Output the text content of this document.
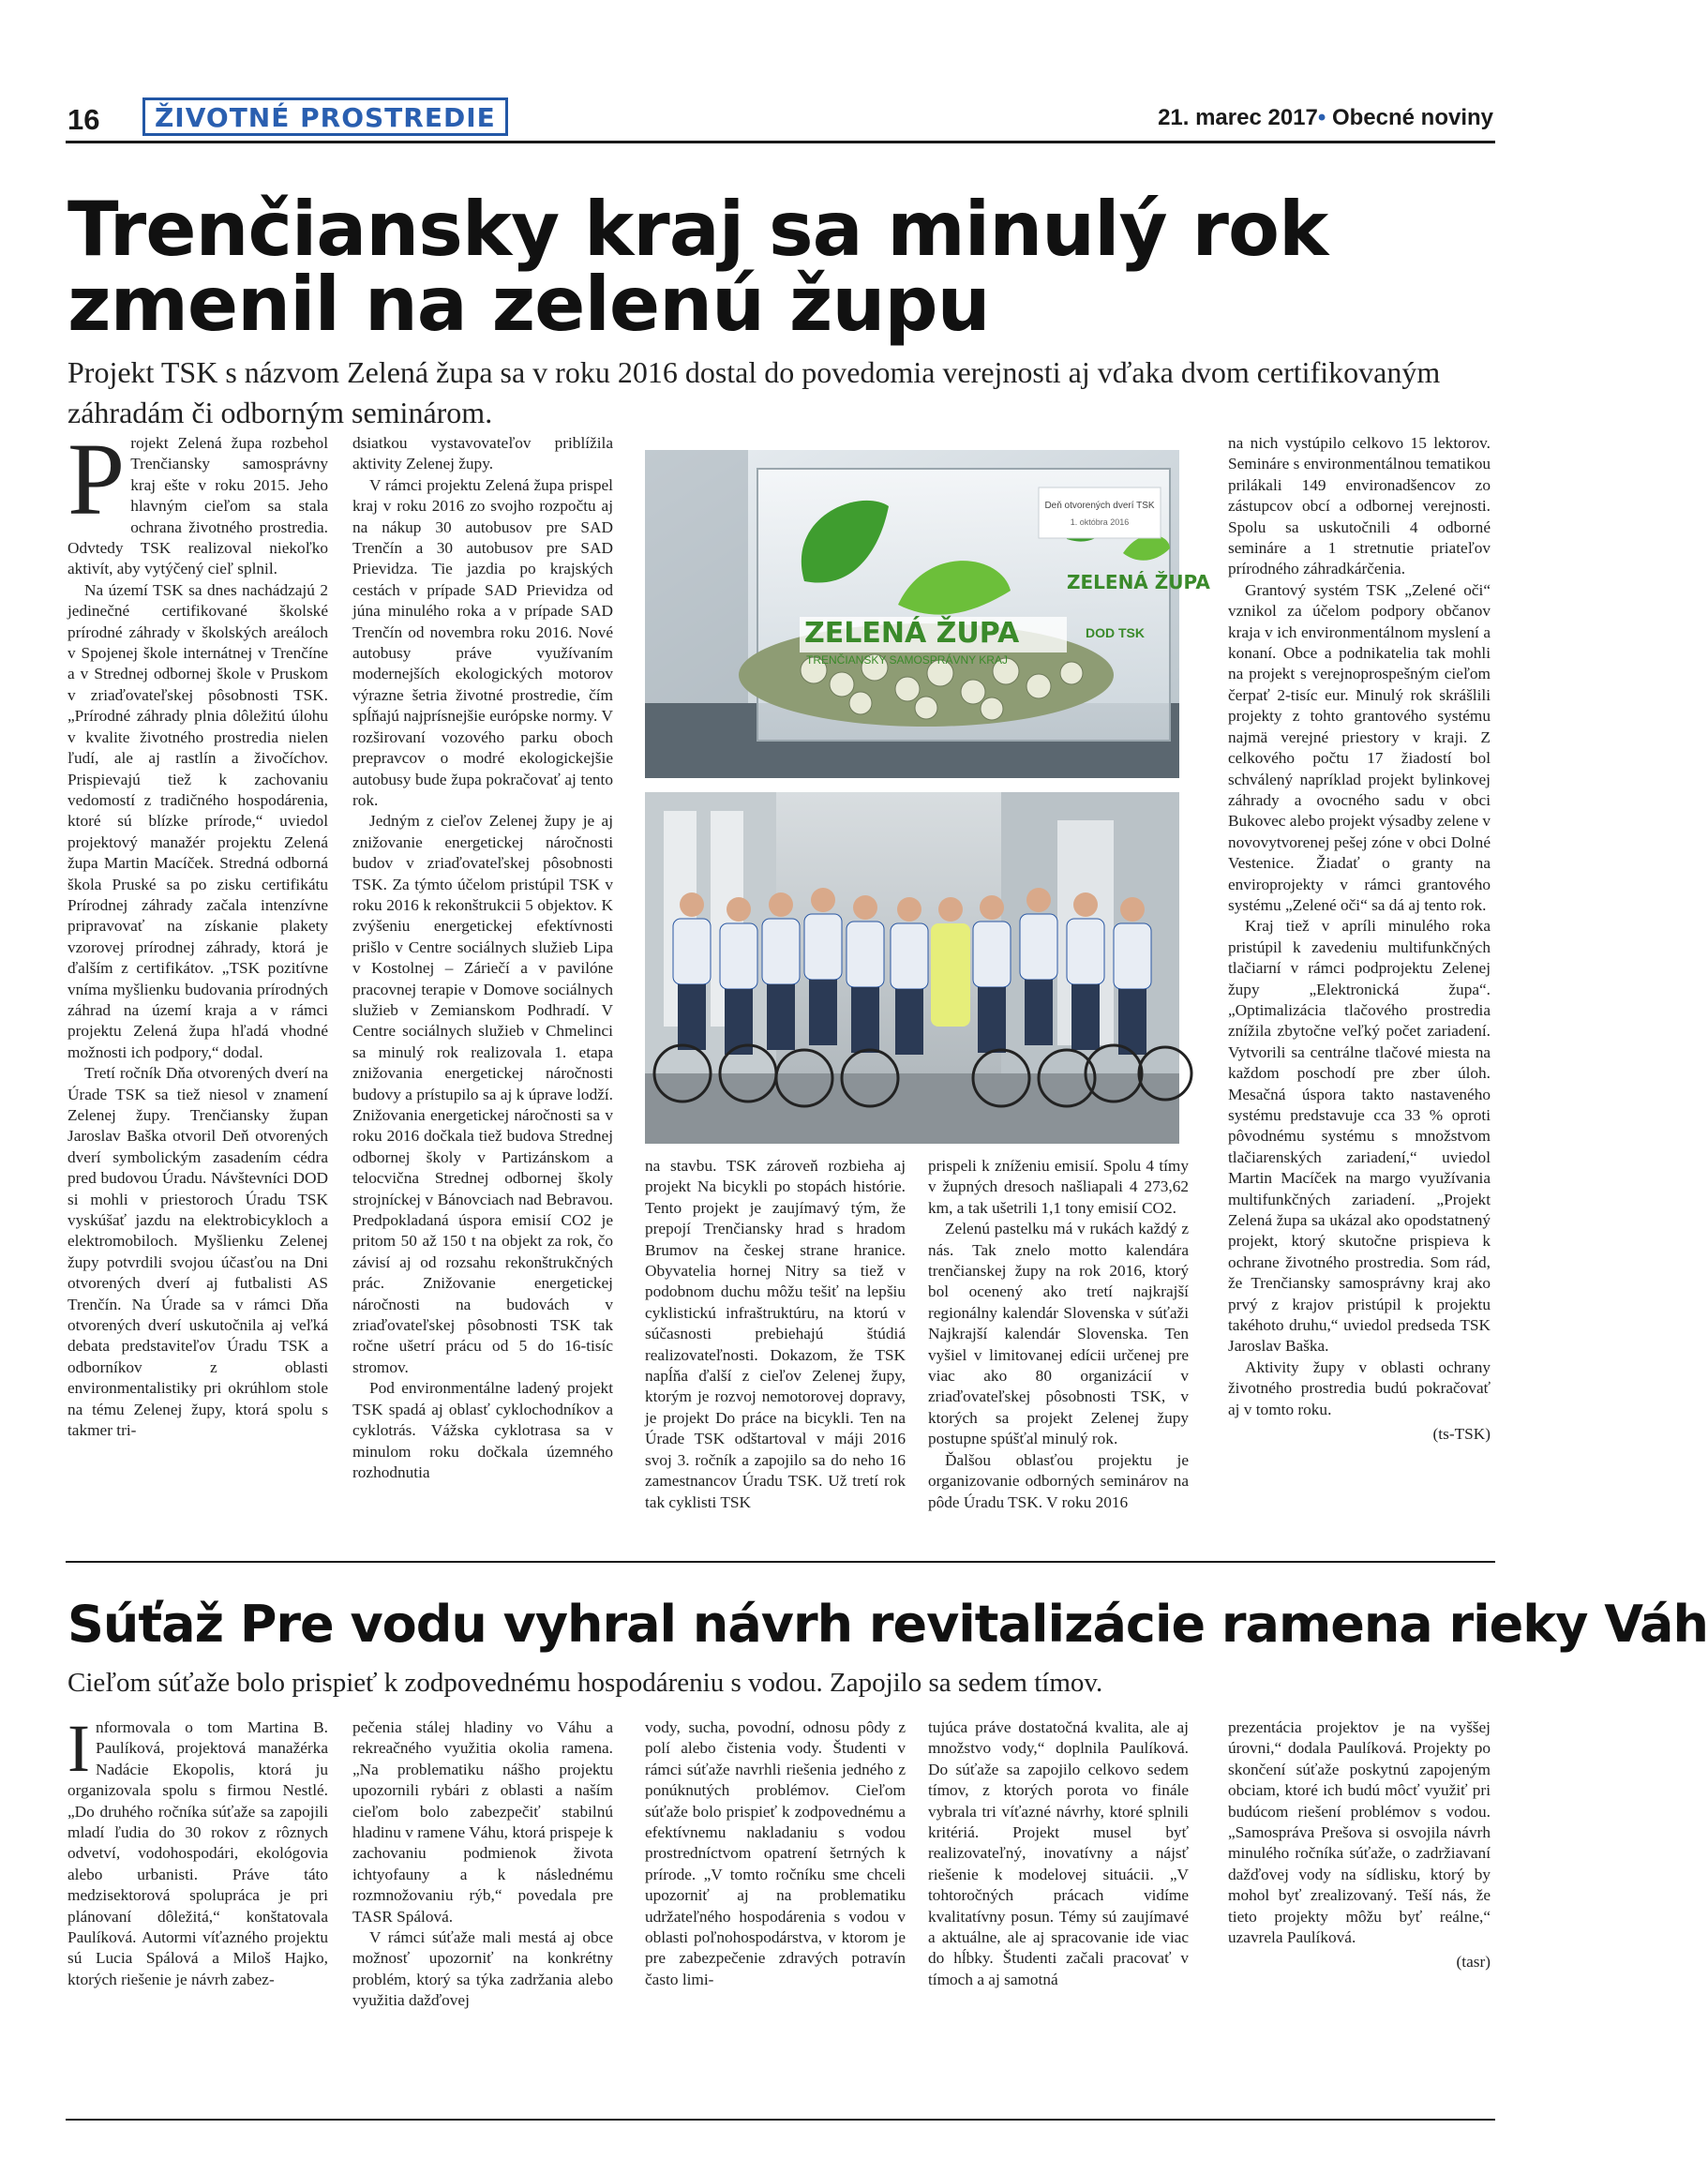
16	ŽIVOTNÉ PROSTREDIE	21. marec 2017• Obecné noviny
Trenčiansky kraj sa minulý rok zmenil na zelenú župu

Projekt TSK s názvom Zelená župa sa v roku 2016 dostal do povedomia verejnosti aj vďaka dvom certifikovaným záhradám či odborným seminárom.

Projekt Zelená župa rozbehol Trenčiansky samosprávny kraj ešte v roku 2015. Jeho hlavným cieľom sa stala ochrana životného prostredia. Odvtedy TSK realizoval niekoľko aktivít, aby vytýčený cieľ splnil.

Na území TSK sa dnes nachádzajú 2 jedinečné certifikované školské prírodné záhrady v školských areáloch v Spojenej škole internátnej v Trenčíne a v Strednej odbornej škole v Pruskom v zriaďovateľskej pôsobnosti TSK. „Prírodné záhrady plnia dôležitú úlohu v kvalite životného prostredia nielen ľudí, ale aj rastlín a živočíchov. Prispievajú tiež k zachovaniu vedomostí z tradičného hospodárenia, ktoré sú blízke prírode,“ uviedol projektový manažér projektu Zelená župa Martin Macíček. Stredná odborná škola Pruské sa po zisku certifikátu Prírodnej záhrady začala intenzívne pripravovať na získanie plakety vzorovej prírodnej záhrady, ktorá je ďalším z certifikátov. „TSK pozitívne vníma myšlienku budovania prírodných záhrad na území kraja a v rámci projektu Zelená župa hľadá vhodné možnosti ich podpory,“ dodal.

Tretí ročník Dňa otvorených dverí na Úrade TSK sa tiež niesol v znamení Zelenej župy. Trenčiansky župan Jaroslav Baška otvoril Deň otvorených dverí symbolickým zasadením cédra pred budovou Úradu. Návštevníci DOD si mohli v priestoroch Úradu TSK vyskúšať jazdu na elektrobicykloch a elektromobiloch. Myšlienku Zelenej župy potvrdili svojou účasťou na Dni otvorených dverí aj futbalisti AS Trenčín. Na Úrade sa v rámci Dňa otvorených dverí uskutočnila aj veľká debata predstaviteľov Úradu TSK a odborníkov z oblasti environmentalistiky pri okrúhlom stole na tému Zelenej župy, ktorá spolu s takmer tri-

dsiatkou vystavovateľov priblížila aktivity Zelenej župy.

V rámci projektu Zelená župa prispel kraj v roku 2016 zo svojho rozpočtu aj na nákup 30 autobusov pre SAD Trenčín a 30 autobusov pre SAD Prievidza. Tie jazdia po krajských cestách v prípade SAD Prievidza od júna minulého roka a v prípade SAD Trenčín od novembra roku 2016. Nové autobusy práve využívaním modernejších ekologických motorov výrazne šetria životné prostredie, čím spĺňajú najprísnejšie európske normy. V rozširovaní vozového parku oboch prepravcov o modré ekologickejšie autobusy bude župa pokračovať aj tento rok.

Jedným z cieľov Zelenej župy je aj znižovanie energetickej náročnosti budov v zriaďovateľskej pôsobnosti TSK. Za týmto účelom pristúpil TSK v roku 2016 k rekonštrukcii 5 objektov. K zvýšeniu energetickej efektívnosti prišlo v Centre sociálnych služieb Lipa v Kostolnej – Záriečí a v pavilóne pracovnej terapie v Domove sociálnych služieb v Zemianskom Podhradí. V Centre sociálnych služieb v Chmelinci sa minulý rok realizovala 1. etapa znižovania energetickej náročnosti budovy a prístupilo sa aj k úprave lodží. Znižovania energetickej náročnosti sa v roku 2016 dočkala tiež budova Strednej odbornej školy v Partizánskom a telocvična Strednej odbornej školy strojníckej v Bánovciach nad Bebravou. Predpokladaná úspora emisií CO2 je pritom 50 až 150 t na objekt za rok, čo závisí aj od rozsahu rekonštrukčných prác. Znižovanie energetickej náročnosti na budovách v zriaďovateľskej pôsobnosti TSK tak ročne ušetrí prácu od 5 do 16-tisíc stromov.

Pod environmentálne ladený projekt TSK spadá aj oblasť cyklochodníkov a cyklotrás. Vážska cyklotrasa sa v minulom roku dočkala územného rozhodnutia

Deň otvorených dverí TSK
1. októbra 2016
ZELENÁ ŽUPA
ZELENÁ ŽUPA
TRENČIANSKY SAMOSPRÁVNY KRAJ
DOD TSK

na stavbu. TSK zároveň rozbieha aj projekt Na bicykli po stopách histórie. Tento projekt je zaujímavý tým, že prepojí Trenčiansky hrad s hradom Brumov na českej strane hranice. Obyvatelia hornej Nitry sa tiež v podobnom duchu môžu tešiť na lepšiu cyklistickú infraštruktúru, na ktorú v súčasnosti prebiehajú štúdiá realizovateľnosti. Dokazom, že TSK napĺňa ďalší z cieľov Zelenej župy, ktorým je rozvoj nemotorovej dopravy, je projekt Do práce na bicykli. Ten na Úrade TSK odštartoval v máji 2016 svoj 3. ročník a zapojilo sa do neho 16 zamestnancov Úradu TSK. Už tretí rok tak cyklisti TSK

prispeli k zníženiu emisií. Spolu 4 tímy v župných dresoch našliapali 4 273,62 km, a tak ušetrili 1,1 tony emisií CO2.

Zelenú pastelku má v rukách každý z nás. Tak znelo motto kalendára trenčianskej župy na rok 2016, ktorý bol ocenený ako tretí najkrajší regionálny kalendár Slovenska v súťaži Najkrajší kalendár Slovenska. Ten vyšiel v limitovanej edícii určenej pre viac ako 80 organizácií v zriaďovateľskej pôsobnosti TSK, v ktorých sa projekt Zelenej župy postupne spúšťal minulý rok.

Ďalšou oblasťou projektu je organizovanie odborných seminárov na pôde Úradu TSK. V roku 2016

na nich vystúpilo celkovo 15 lektorov. Semináre s environmentálnou tematikou prilákali 149 environadšencov zo zástupcov obcí a odbornej verejnosti. Spolu sa uskutočnili 4 odborné semináre a 1 stretnutie priateľov prírodného záhradkárčenia.

Grantový systém TSK „Zelené oči“ vznikol za účelom podpory občanov kraja v ich environmentálnom myslení a konaní. Obce a podnikatelia tak mohli na projekt s verejnoprospešným cieľom čerpať 2-tisíc eur. Minulý rok skrášlili projekty z tohto grantového systému najmä verejné priestory v kraji. Z celkového počtu 17 žiadostí bol schválený napríklad projekt bylinkovej záhrady a ovocného sadu v obci Bukovec alebo projekt výsadby zelene v novovytvorenej pešej zóne v obci Dolné Vestenice. Žiadať o granty na enviroprojekty v rámci grantového systému „Zelené oči“ sa dá aj tento rok.

Kraj tiež v apríli minulého roka pristúpil k zavedeniu multifunkčných tlačiarní v rámci podprojektu Zelenej župy „Elektronická župa“. „Optimalizácia tlačového prostredia znížila zbytočne veľký počet zariadení. Vytvorili sa centrálne tlačové miesta na každom poschodí pre zber úloh. Mesačná úspora takto nastaveného systému predstavuje cca 33 % oproti pôvodnému systému s množstvom tlačiarenských zariadení,“ uviedol Martin Macíček na margo využívania multifunkčných zariadení. „Projekt Zelená župa sa ukázal ako opodstatnený projekt, ktorý skutočne prispieva k ochrane životného prostredia. Som rád, že Trenčiansky samosprávny kraj ako prvý z krajov pristúpil k projektu takéhoto druhu,“ uviedol predseda TSK Jaroslav Baška.

Aktivity župy v oblasti ochrany životného prostredia budú pokračovať aj v tomto roku.

(ts-TSK)

Súťaž Pre vodu vyhral návrh revitalizácie ramena rieky Váh

Cieľom súťaže bolo prispieť k zodpovednému hospodáreniu s vodou. Zapojilo sa sedem tímov.

Informovala o tom Martina B. Paulíková, projektová manažérka Nadácie Ekopolis, ktorá ju organizovala spolu s firmou Nestlé. „Do druhého ročníka súťaže sa zapojili mladí ľudia do 30 rokov z rôznych odvetví, vodohospodári, ekológovia alebo urbanisti. Práve táto medzisektorová spolupráca je pri plánovaní dôležitá,“ konštatovala Paulíková. Autormi víťazného projektu sú Lucia Spálová a Miloš Hajko, ktorých riešenie je návrh zabez-

pečenia stálej hladiny vo Váhu a rekreačného využitia okolia ramena. „Na problematiku nášho projektu upozornili rybári z oblasti a naším cieľom bolo zabezpečiť stabilnú hladinu v ramene Váhu, ktorá prispeje k zachovaniu podmienok života ichtyofauny a k následnému rozmnožovaniu rýb,“ povedala pre TASR Spálová.

V rámci súťaže mali mestá aj obce možnosť upozorniť na konkrétny problém, ktorý sa týka zadržania alebo využitia dažďovej

vody, sucha, povodní, odnosu pôdy z polí alebo čistenia vody. Študenti v rámci súťaže navrhli riešenia jedného z ponúknutých problémov. Cieľom súťaže bolo prispieť k zodpovednému a efektívnemu nakladaniu s vodou prostredníctvom opatrení šetrných k prírode. „V tomto ročníku sme chceli upozorniť aj na problematiku udržateľného hospodárenia s vodou v oblasti poľnohospodárstva, v ktorom je pre zabezpečenie zdravých potravín často limi-

tujúca práve dostatočná kvalita, ale aj množstvo vody,“ doplnila Paulíková. Do súťaže sa zapojilo celkovo sedem tímov, z ktorých porota vo finále vybrala tri víťazné návrhy, ktoré splnili kritériá. Projekt musel byť realizovateľný, inovatívny a nájsť riešenie k modelovej situácii. „V tohtoročných prácach vidíme kvalitatívny posun. Témy sú zaujímavé a aktuálne, ale aj spracovanie ide viac do hĺbky. Študenti začali pracovať v tímoch a aj samotná

prezentácia projektov je na vyššej úrovni,“ dodala Paulíková. Projekty po skončení súťaže poskytnú zapojeným obciam, ktoré ich budú môcť využiť pri budúcom riešení problémov s vodou. „Samospráva Prešova si osvojila návrh minulého ročníka súťaže, o zadržiavaní dažďovej vody na sídlisku, ktorý by mohol byť zrealizovaný. Teší nás, že tieto projekty môžu byť reálne,“ uzavrela Paulíková.

(tasr)
